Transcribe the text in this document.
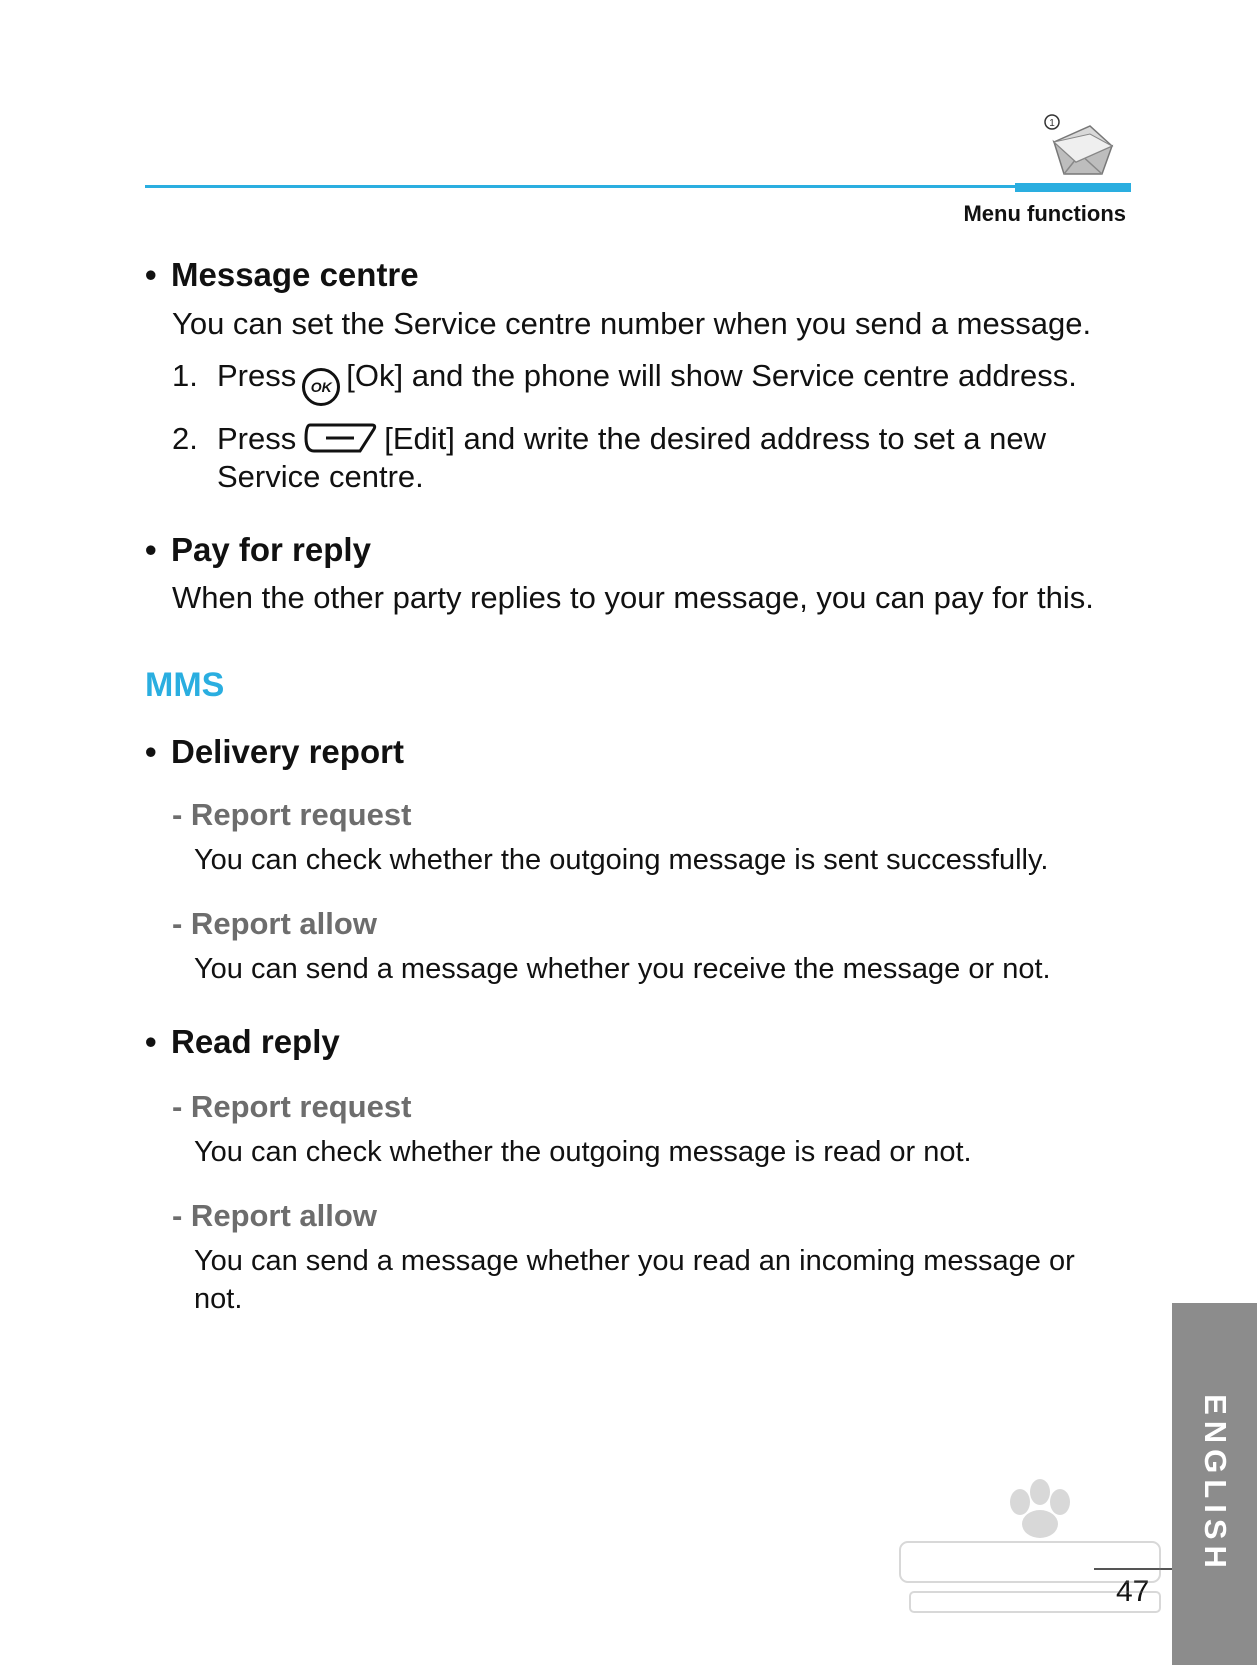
1
Menu functions
• Message centre

You can set the Service centre number when you send a message.

1. Press OK [Ok] and the phone will show Service centre address.
2. Press	[Edit] and write the desired address to set a new Service centre.
• Pay for reply

When the other party replies to your message, you can pay for this.

MMS
• Delivery report
- Report request

You can check whether the outgoing message is sent successfully.

- Report allow

You can send a message whether you receive the message or not.

• Read reply
- Report request

You can check whether the outgoing message is read or not.

- Report allow

You can send a message whether you read an incoming message or not.

ENGLISH
47
